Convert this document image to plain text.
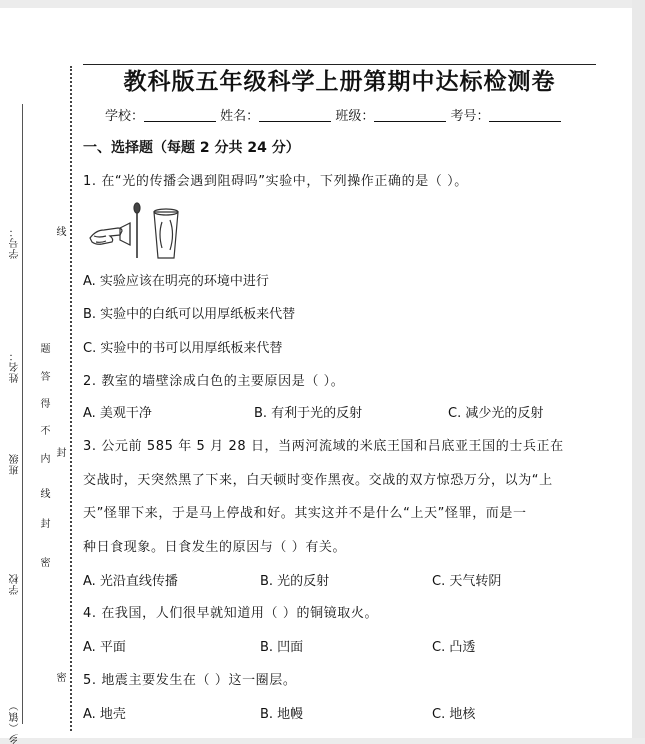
学号：
姓名：
班级
学校
乡（镇）
线
题
答
得
不
内
封
线
封
密
密
教科版五年级科学上册第期中达标检测卷
学校：	姓名：	班级：	考号：
一、选择题（每题 2 分共 24 分）
1. 在“光的传播会遇到阻碍吗”实验中，下列操作正确的是（ ）。
A. 实验应该在明亮的环境中进行
B. 实验中的白纸可以用厚纸板来代替
C. 实验中的书可以用厚纸板来代替
2. 教室的墙壁涂成白色的主要原因是（ ）。
A. 美观干净	B. 有利于光的反射	C. 减少光的反射
3. 公元前 585 年 5 月 28 日，当两河流域的米底王国和吕底亚王国的士兵正在
交战时，天突然黑了下来，白天顿时变作黑夜。交战的双方惊恐万分，以为“上
天”怪罪下来，于是马上停战和好。其实这并不是什么“上天”怪罪，而是一
种日食现象。日食发生的原因与（ ）有关。
A. 光沿直线传播	B. 光的反射	C. 天气转阴
4. 在我国，人们很早就知道用（ ）的铜镜取火。
A. 平面	B. 凹面	C. 凸透
5. 地震主要发生在（ ）这一圈层。
A. 地壳	B. 地幔	C. 地核
